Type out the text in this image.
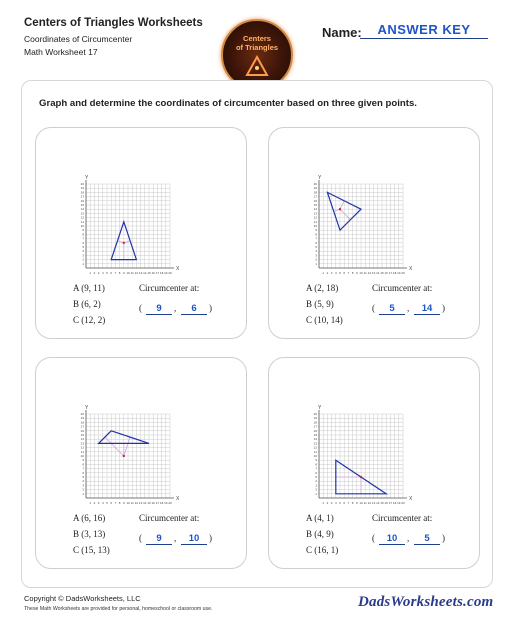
Centers of Triangles Worksheets
Coordinates of Circumcenter
Math Worksheet 17
Centers
of Triangles
Name:	ANSWER KEY
Graph and determine the coordinates of circumcenter based on three given points.
1
1
2
2
3
3
4
4
5
5
6
6
7
7
8
8
9
9
10
10
11
11
12
12
13
13
14
14
15
15
16
16
17
17
18
18
19
19
20
20
X
Y
A (9, 11)
B (6, 2)
C (12, 2)
Circumcenter at:
(	9	,	6	)
1
1
2
2
3
3
4
4
5
5
6
6
7
7
8
8
9
9
10
10
11
11
12
12
13
13
14
14
15
15
16
16
17
17
18
18
19
19
20
20
X
Y
A (2, 18)
B (5, 9)
C (10, 14)
Circumcenter at:
(	5	,	14	)
1
1
2
2
3
3
4
4
5
5
6
6
7
7
8
8
9
9
10
10
11
11
12
12
13
13
14
14
15
15
16
16
17
17
18
18
19
19
20
20
X
Y
A (6, 16)
B (3, 13)
C (15, 13)
Circumcenter at:
(	9	,	10	)
1
1
2
2
3
3
4
4
5
5
6
6
7
7
8
8
9
9
10
10
11
11
12
12
13
13
14
14
15
15
16
16
17
17
18
18
19
19
20
20
X
Y
A (4, 1)
B (4, 9)
C (16, 1)
Circumcenter at:
(	10	,	5	)
Copyright © DadsWorksheets, LLC
These Math Worksheets are provided for personal, homeschool or classroom use.	DadsWorksheets.com
